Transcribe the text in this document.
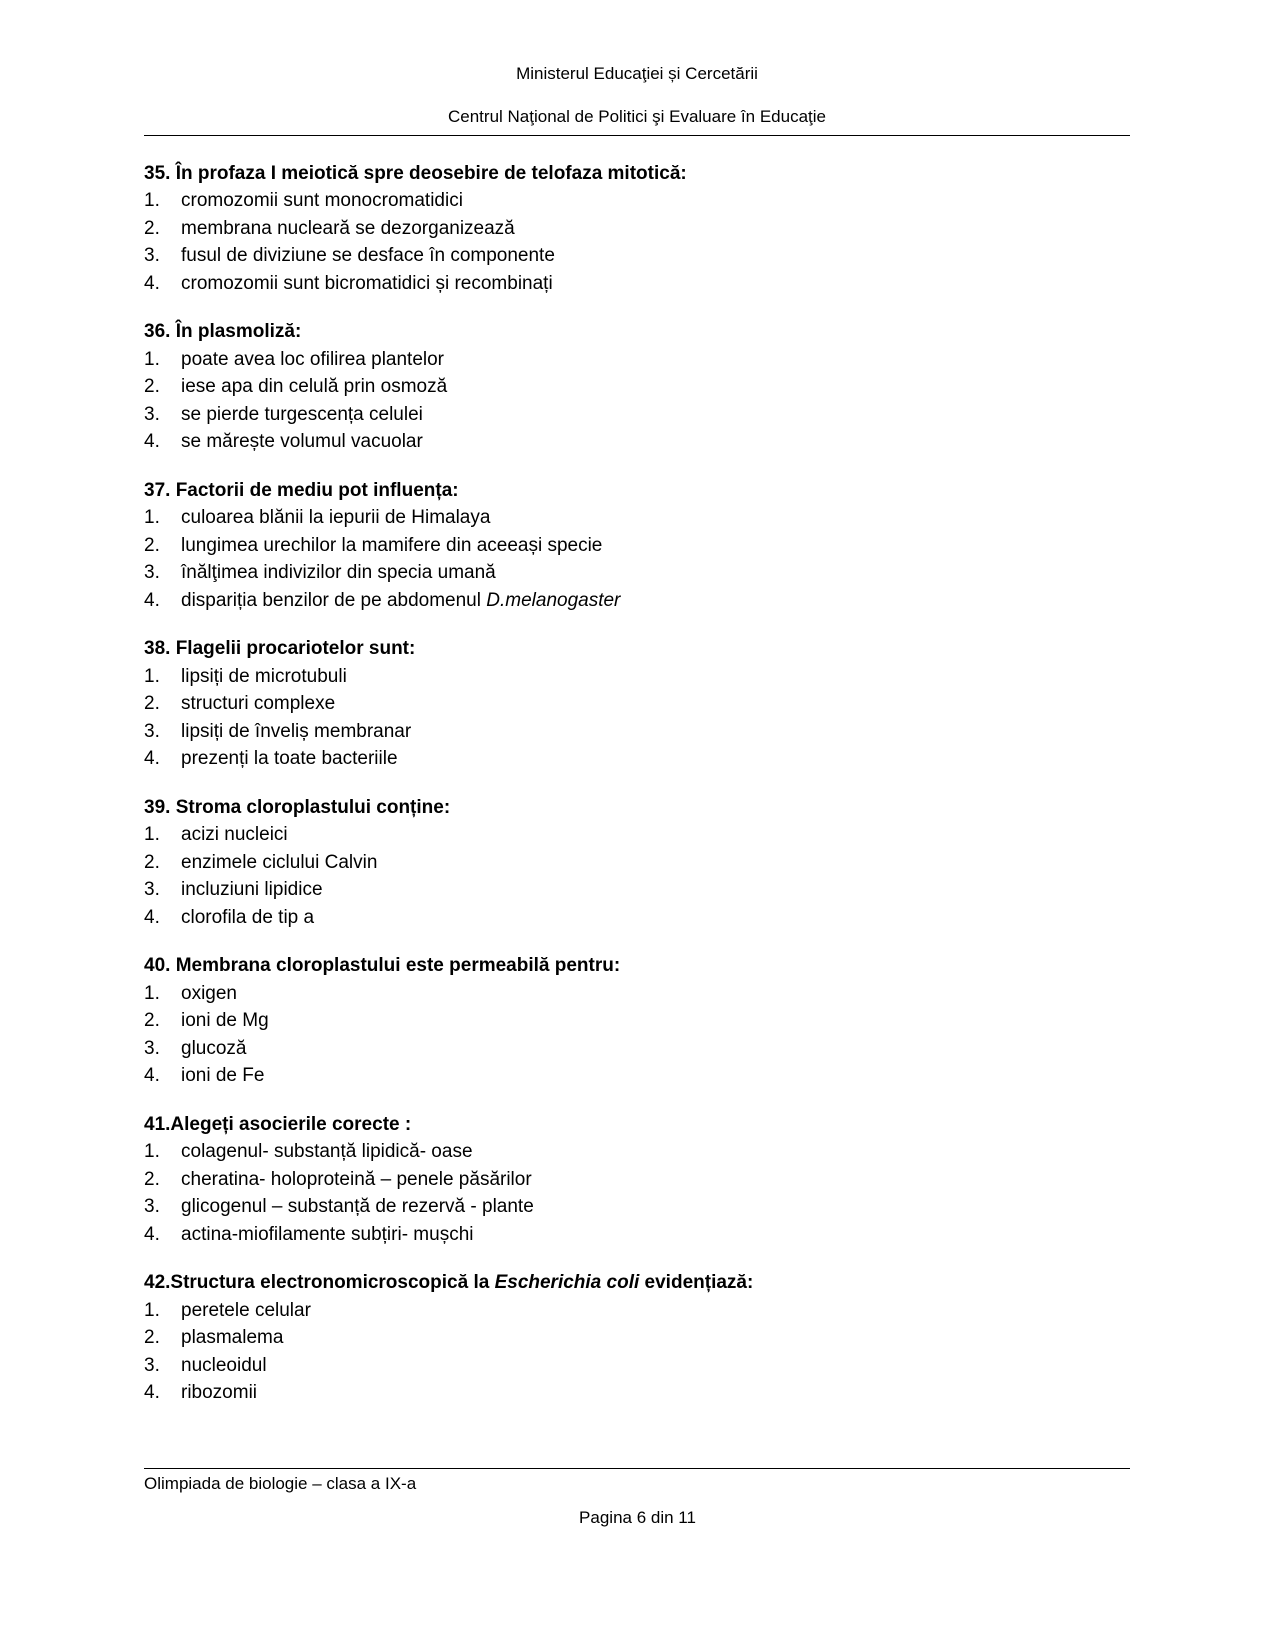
Ministerul Educaţiei și Cercetării
Centrul Naţional de Politici şi Evaluare în Educaţie
35. În profaza I meiotică spre deosebire de telofaza mitotică:
1.	cromozomii sunt monocromatidici
2.	membrana nucleară se dezorganizează
3.	fusul de diviziune se desface în componente
4.	cromozomii sunt bicromatidici și recombinați
36. În plasmoliză:
1.	poate avea loc ofilirea plantelor
2.	iese apa din celulă prin osmoză
3.	se pierde turgescența celulei
4.	se mărește volumul vacuolar
37. Factorii de mediu pot influența:
1.	culoarea blănii la iepurii de Himalaya
2.	lungimea urechilor la mamifere din aceeași specie
3.	înălţimea indivizilor din specia umană
4.	dispariția benzilor de pe abdomenul D.melanogaster
38. Flagelii procariotelor sunt:
1.	lipsiți de microtubuli
2.	structuri complexe
3.	lipsiți de înveliș membranar
4.	prezenți la toate bacteriile
39. Stroma cloroplastului conține:
1.	acizi nucleici
2.	enzimele ciclului Calvin
3.	incluziuni lipidice
4.	clorofila de tip a
40. Membrana cloroplastului este permeabilă pentru:
1.	oxigen
2.	ioni de Mg
3.	glucoză
4.	ioni de Fe
41.Alegeți asocierile corecte :
1.	colagenul- substanță lipidică- oase
2.	cheratina- holoproteină – penele păsărilor
3.	glicogenul – substanță de rezervă - plante
4.	actina-miofilamente subțiri- mușchi
42.Structura electronomicroscopică la Escherichia coli evidențiază:
1.	peretele celular
2.	plasmalema
3.	nucleoidul
4.	ribozomii
Olimpiada de biologie – clasa a IX-a
Pagina 6 din 11
